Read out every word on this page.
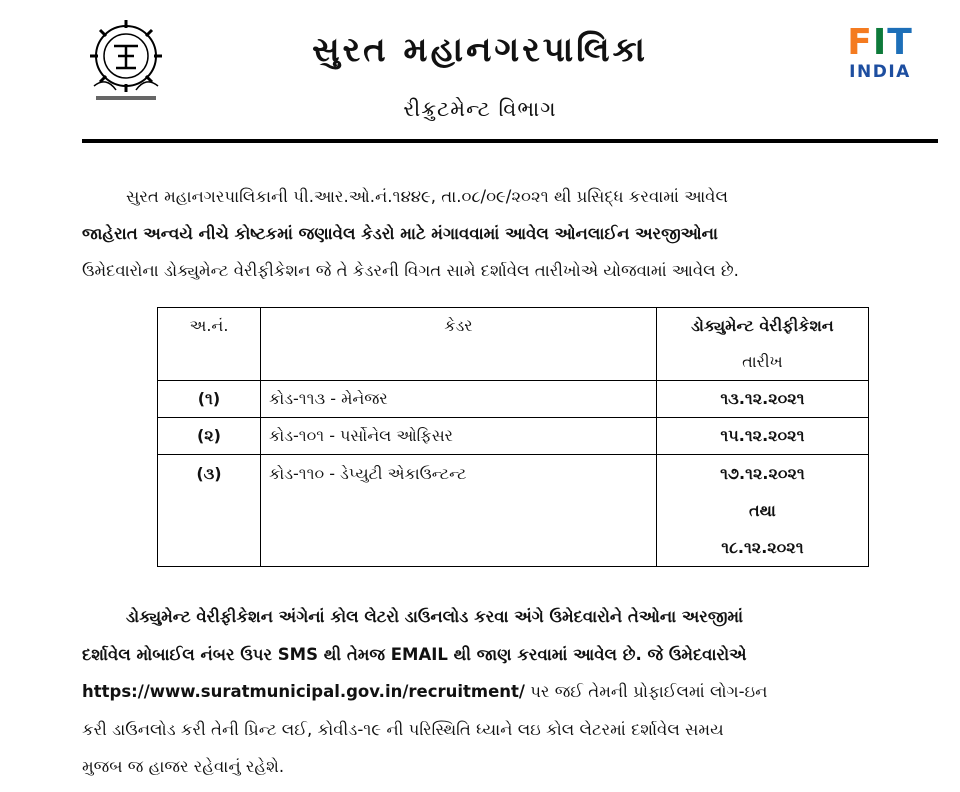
સુરત મહાનગરપાલિકા
રીક્રુટમેન્ટ વિભાગ
FIT
INDIA
સુરત મહાનગરપાલિકાની પી.આર.ઓ.નં.૧૪૪૯, તા.૦૮/૦૯/૨૦૨૧ થી પ્રસિદ્ધ કરવામાં આવેલ
જાહેરાત અન્વયે નીચે કોષ્ટકમાં જણાવેલ કેડરો માટે મંગાવવામાં આવેલ ઓનલાઈન અરજીઓના
ઉમેદવારોના ડોક્યુમેન્ટ વેરીફીકેશન જે તે કેડરની વિગત સામે દર્શાવેલ તારીખોએ યોજવામાં આવેલ છે.
અ.નં.	કેડર	ડોક્યુમેન્ટ વેરીફીકેશન
તારીખ

(૧)	કોડ-૧૧૩ - મેનેજર	૧૩.૧૨.૨૦૨૧
(૨)	કોડ-૧૦૧ - પર્સોનેલ ઓફિસર	૧૫.૧૨.૨૦૨૧

(૩)	કોડ-૧૧૦ - ડેપ્યુટી એકાઉન્ટન્ટ	૧૭.૧૨.૨૦૨૧
તથા
૧૮.૧૨.૨૦૨૧
ડોક્યુમેન્ટ વેરીફીકેશન અંગેનાં કોલ લેટરો ડાઉનલોડ કરવા અંગે ઉમેદવારોને તેઓના અરજીમાં
દર્શાવેલ મોબાઈલ નંબર ઉપર SMS થી તેમજ EMAIL થી જાણ કરવામાં આવેલ છે. જે ઉમેદવારોએ
https://www.suratmunicipal.gov.in/recruitment/ પર જઈ તેમની પ્રોફાઈલમાં લોગ-ઇન
કરી ડાઉનલોડ કરી તેની પ્રિન્ટ લઈ, કોવીડ-૧૯ ની પરિસ્થિતિ ધ્યાને લઇ કોલ લેટરમાં દર્શાવેલ સમય
મુજબ જ હાજર રહેવાનું રહેશે.
